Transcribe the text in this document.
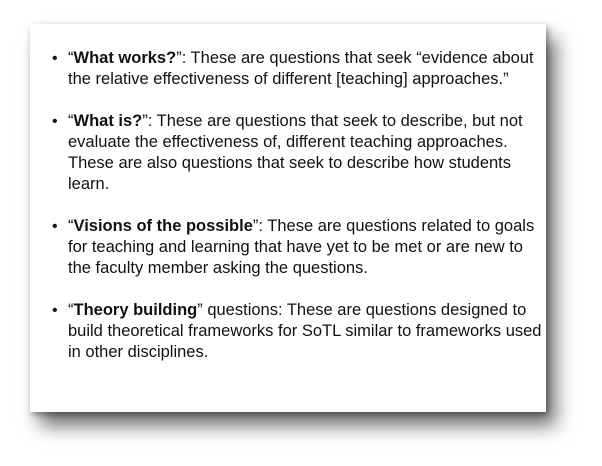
• “What works?”: These are questions that seek “evidence about the relative effectiveness of different [teaching] approaches.”
• “What is?”: These are questions that seek to describe, but not evaluate the effectiveness of, different teaching approaches. These are also questions that seek to describe how students learn.
• “Visions of the possible”: These are questions related to goals for teaching and learning that have yet to be met or are new to the faculty member asking the questions.
• “Theory building” questions: These are questions designed to build theoretical frameworks for SoTL similar to frameworks used in other disciplines.
